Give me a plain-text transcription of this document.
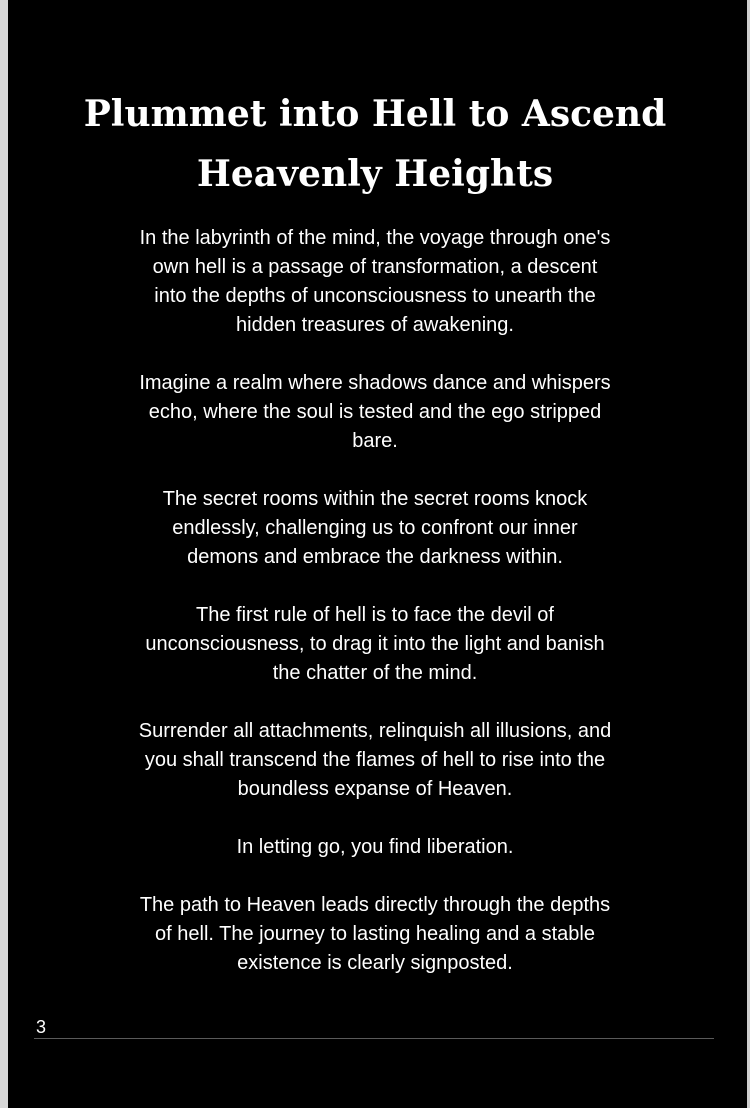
Plummet into Hell to Ascend
Heavenly Heights

In the labyrinth of the mind, the voyage through one's
own hell is a passage of transformation, a descent
into the depths of unconsciousness to unearth the
hidden treasures of awakening.

Imagine a realm where shadows dance and whispers
echo, where the soul is tested and the ego stripped
bare.

The secret rooms within the secret rooms knock
endlessly, challenging us to confront our inner
demons and embrace the darkness within.

The first rule of hell is to face the devil of
unconsciousness, to drag it into the light and banish
the chatter of the mind.

Surrender all attachments, relinquish all illusions, and
you shall transcend the flames of hell to rise into the
boundless expanse of Heaven.

In letting go, you find liberation.

The path to Heaven leads directly through the depths
of hell. The journey to lasting healing and a stable
existence is clearly signposted.

3
